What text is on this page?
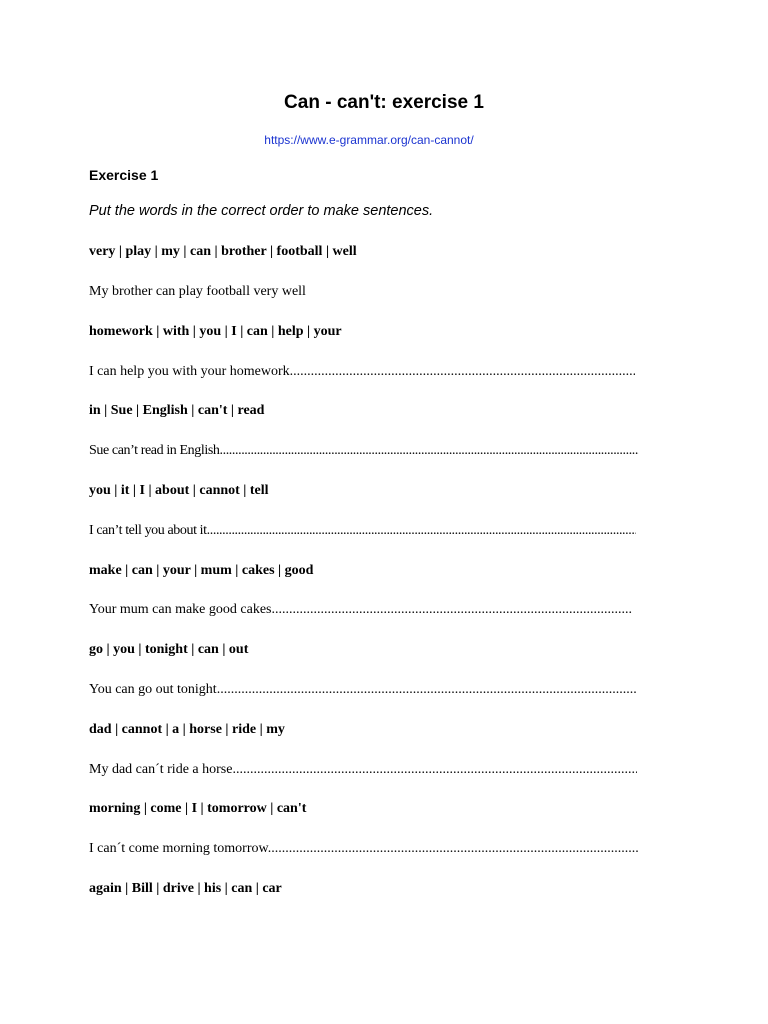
Can - can't: exercise 1
https://www.e-grammar.org/can-cannot/
Exercise 1
Put the words in the correct order to make sentences.
very | play | my | can | brother | football | well
My brother can play football very well
homework | with | you | I | can | help | your
I can help you with your homework .....
in | Sue | English | can't | read
Sue can’t read in English .....
you | it | I | about | cannot | tell
I can’t tell you about it .....
make | can | your | mum | cakes | good
Your mum can make good cakes .....
go | you | tonight | can | out
You can go out tonight .....
dad | cannot | a | horse | ride | my
My dad can´t ride a horse .....
morning | come | I | tomorrow | can't
I can´t come morning tomorrow .....
again | Bill | drive | his | can | car
